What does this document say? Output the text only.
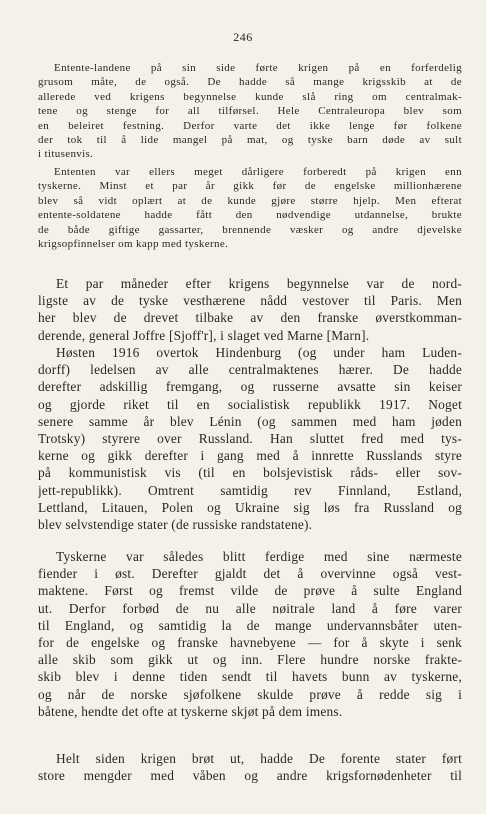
246
Entente-landene på sin side førte krigen på en forferdelig
grusom måte, de også. De hadde så mange krigsskib at de
allerede ved krigens begynnelse kunde slå ring om centralmak-
tene og stenge for all tilførsel. Hele Centraleuropa blev som
en beleiret festning. Derfor varte det ikke lenge før folkene
der tok til å lide mangel på mat, og tyske barn døde av sult
i titusenvis.
Ententen var ellers meget dårligere forberedt på krigen enn
tyskerne. Minst et par år gikk før de engelske millionhærene
blev så vidt oplært at de kunde gjøre større hjelp. Men efterat
entente-soldatene hadde fått den nødvendige utdannelse, brukte
de både giftige gassarter, brennende væsker og andre djevelske
krigsopfinnelser om kapp med tyskerne.
Et par måneder efter krigens begynnelse var de nord-
ligste av de tyske vesthærene nådd vestover til Paris. Men
her blev de drevet tilbake av den franske øverstkomman-
derende, general Joffre [Sjoff'r], i slaget ved Marne [Marn].
Høsten 1916 overtok Hindenburg (og under ham Luden-
dorff) ledelsen av alle centralmaktenes hærer. De hadde
derefter adskillig fremgang, og russerne avsatte sin keiser
og gjorde riket til en socialistisk republikk 1917. Noget
senere samme år blev Lénin (og sammen med ham jøden
Trotsky) styrere over Russland. Han sluttet fred med tys-
kerne og gikk derefter i gang med å innrette Russlands styre
på kommunistisk vis (til en bolsjevistisk råds- eller sov-
jett-republikk). Omtrent samtidig rev Finnland, Estland,
Lettland, Litauen, Polen og Ukraine sig løs fra Russland og
blev selvstendige stater (de russiske randstatene).
Tyskerne var således blitt ferdige med sine nærmeste
fiender i øst. Derefter gjaldt det å overvinne også vest-
maktene. Først og fremst vilde de prøve å sulte England
ut. Derfor forbød de nu alle nøitrale land å føre varer
til England, og samtidig la de mange undervannsbåter uten-
for de engelske og franske havnebyene — for å skyte i senk
alle skib som gikk ut og inn. Flere hundre norske frakte-
skib blev i denne tiden sendt til havets bunn av tyskerne,
og når de norske sjøfolkene skulde prøve å redde sig i
båtene, hendte det ofte at tyskerne skjøt på dem imens.
Helt siden krigen brøt ut, hadde De forente stater ført
store mengder med våben og andre krigsfornødenheter til
